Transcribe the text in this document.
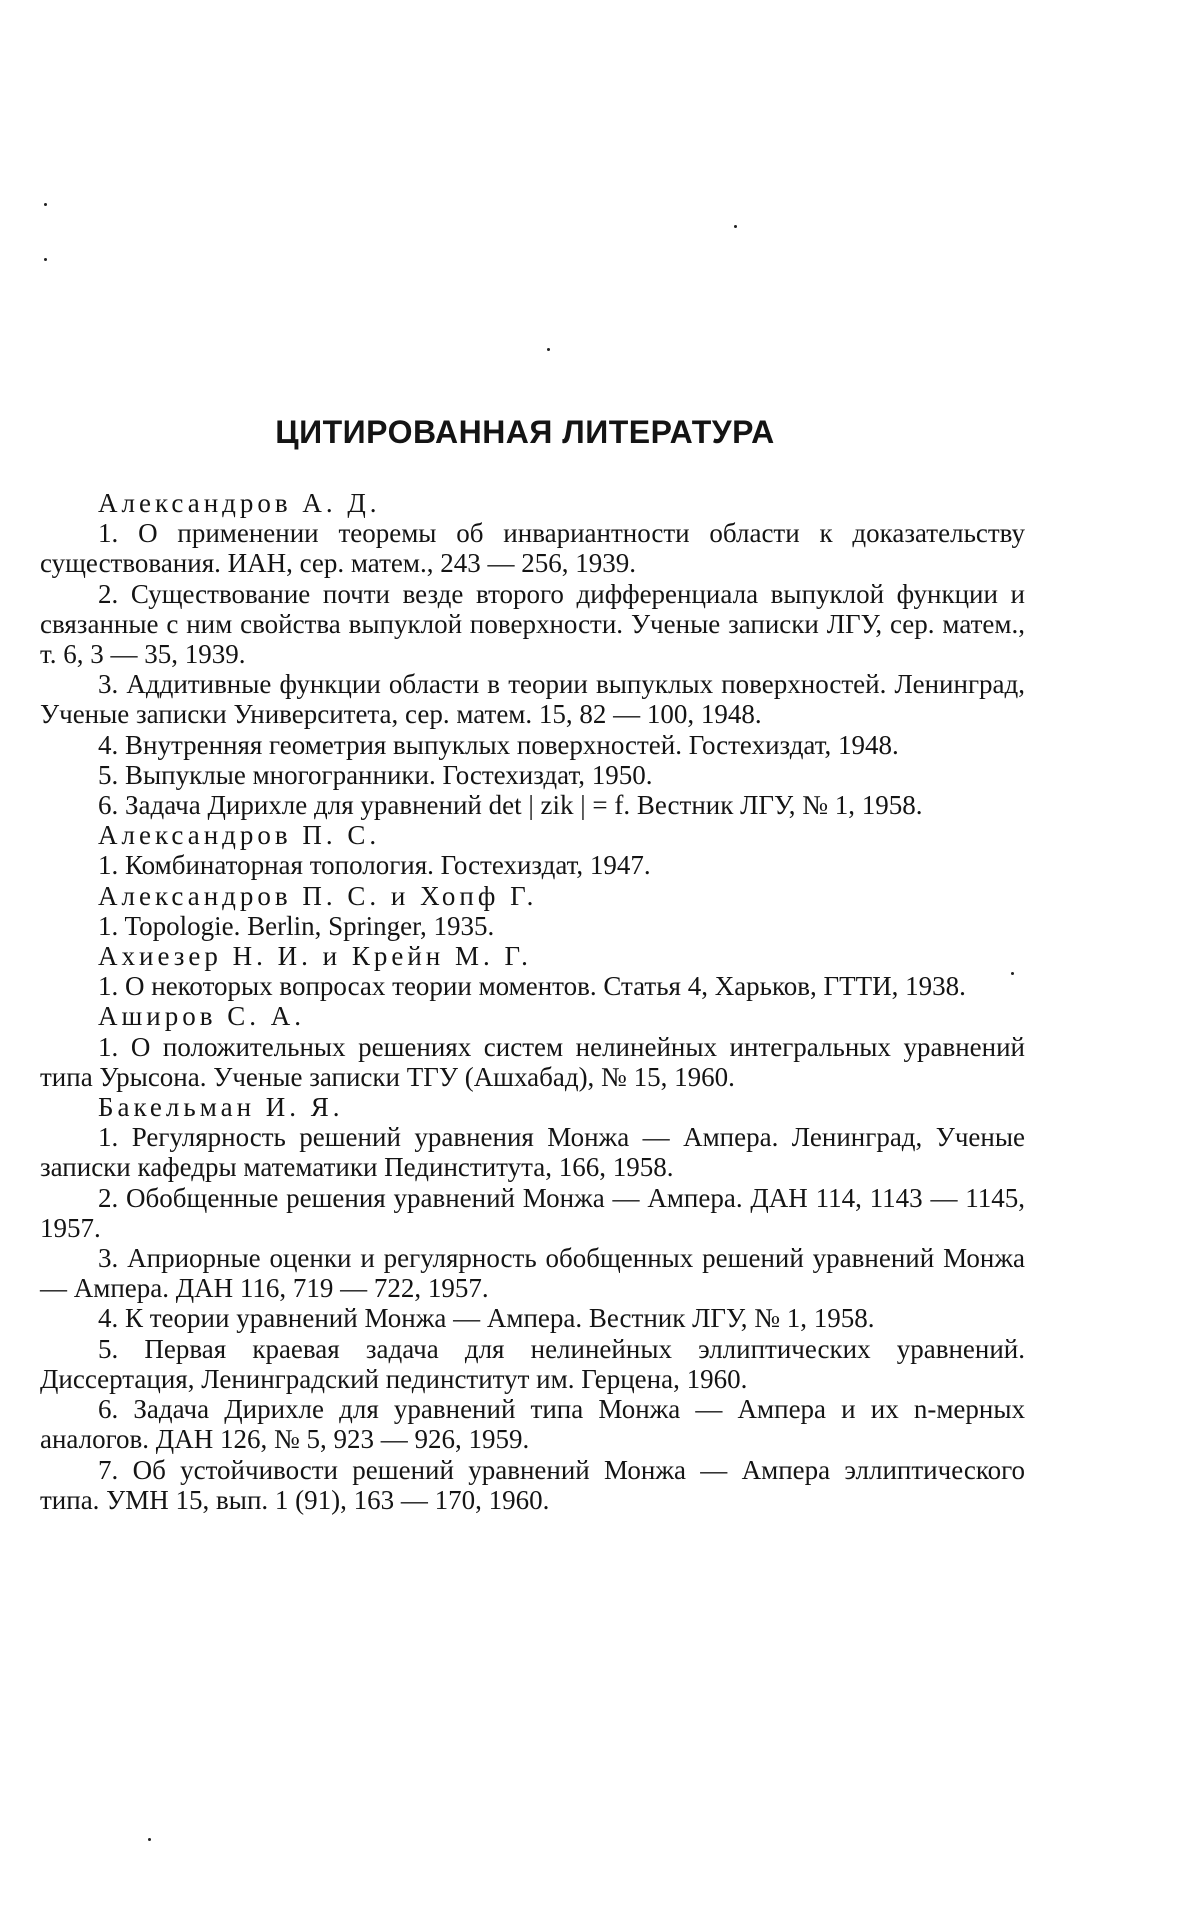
ЦИТИРОВАННАЯ ЛИТЕРАТУРА
Александров А. Д.
1. О применении теоремы об инвариантности области к доказательству существования. ИАН, сер. матем., 243 — 256, 1939.
2. Существование почти везде второго дифференциала выпуклой функции и связанные с ним свойства выпуклой поверхности. Ученые записки ЛГУ, сер. матем., т. 6, 3 — 35, 1939.
3. Аддитивные функции области в теории выпуклых поверхностей. Ленинград, Ученые записки Университета, сер. матем. 15, 82 — 100, 1948.
4. Внутренняя геометрия выпуклых поверхностей. Гостехиздат, 1948.
5. Выпуклые многогранники. Гостехиздат, 1950.
6. Задача Дирихле для уравнений det | zik | = f. Вестник ЛГУ, № 1, 1958.
Александров П. С.
1. Комбинаторная топология. Гостехиздат, 1947.
Александров П. С. и Хопф Г.
1. Topologie. Berlin, Springer, 1935.
Ахиезер Н. И. и Крейн М. Г.
1. О некоторых вопросах теории моментов. Статья 4, Харьков, ГТТИ, 1938.
Аширов С. А.
1. О положительных решениях систем нелинейных интегральных уравнений типа Урысона. Ученые записки ТГУ (Ашхабад), № 15, 1960.
Бакельман И. Я.
1. Регулярность решений уравнения Монжа — Ампера. Ленинград, Ученые записки кафедры математики Пединститута, 166, 1958.
2. Обобщенные решения уравнений Монжа — Ампера. ДАН 114, 1143 — 1145, 1957.
3. Априорные оценки и регулярность обобщенных решений уравнений Монжа — Ампера. ДАН 116, 719 — 722, 1957.
4. К теории уравнений Монжа — Ампера. Вестник ЛГУ, № 1, 1958.
5. Первая краевая задача для нелинейных эллиптических уравнений. Диссертация, Ленинградский пединститут им. Герцена, 1960.
6. Задача Дирихле для уравнений типа Монжа — Ампера и их n-мерных аналогов. ДАН 126, № 5, 923 — 926, 1959.
7. Об устойчивости решений уравнений Монжа — Ампера эллиптического типа. УМН 15, вып. 1 (91), 163 — 170, 1960.
